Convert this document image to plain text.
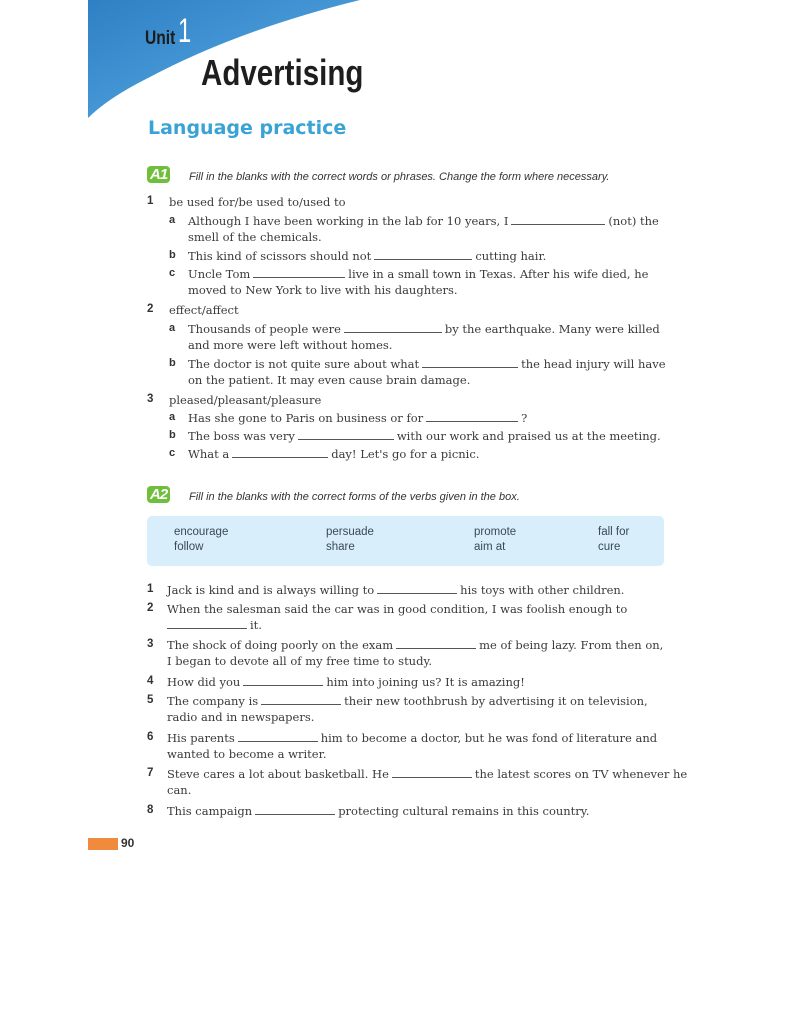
Unit 1
Advertising
Language practice
A1 Fill in the blanks with the correct words or phrases. Change the form where necessary.
1 be used for/be used to/used to
a Although I have been working in the lab for 10 years, I	(not) the
smell of the chemicals.
b This kind of scissors should not	cutting hair.
c Uncle Tom	live in a small town in Texas. After his wife died, he
moved to New York to live with his daughters.
2 effect/affect
a Thousands of people were	by the earthquake. Many were killed
and more were left without homes.
b The doctor is not quite sure about what	the head injury will have
on the patient. It may even cause brain damage.
3 pleased/pleasant/pleasure
a Has she gone to Paris on business or for	?
b The boss was very	with our work and praised us at the meeting.
c What a	day! Let's go for a picnic.
A2 Fill in the blanks with the correct forms of the verbs given in the box.
encourage	persuade	promote	fall for
follow	share	aim at	cure
1 Jack is kind and is always willing to	his toys with other children.
2 When the salesman said the car was in good condition, I was foolish enough to
it.
3 The shock of doing poorly on the exam	me of being lazy. From then on,
I began to devote all of my free time to study.
4 How did you	him into joining us? It is amazing!
5 The company is	their new toothbrush by advertising it on television,
radio and in newspapers.
6 His parents	him to become a doctor, but he was fond of literature and
wanted to become a writer.
7 Steve cares a lot about basketball. He	the latest scores on TV whenever he
can.
8 This campaign	protecting cultural remains in this country.
90
